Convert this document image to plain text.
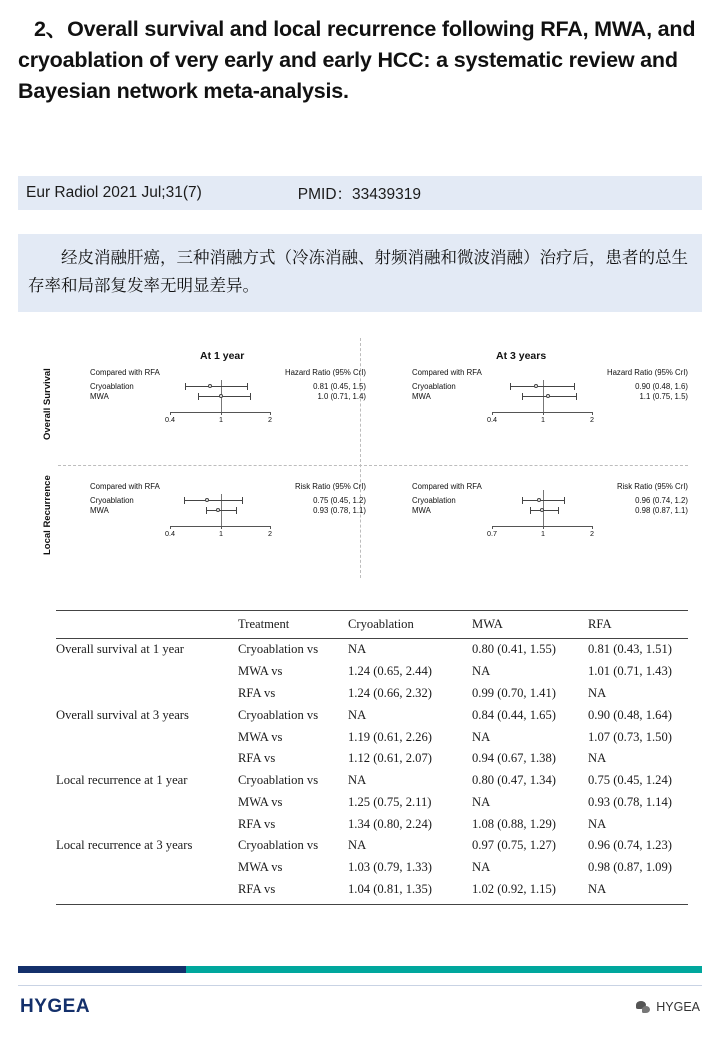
2、Overall survival and local recurrence following RFA, MWA, and cryoablation of very early and early HCC: a systematic review and Bayesian network meta-analysis.
Eur Radiol 2021 Jul;31(7)	PMID：33439319
经皮消融肝癌，三种消融方式（冷冻消融、射频消融和微波消融）治疗后，患者的总生存率和局部复发率无明显差异。
At 1 year	At 3 years
Overall Survival
Local Recurrence
Compared with RFA	Hazard Ratio (95% CrI)
Cryoablation
MWA
0.81 (0.45, 1.5)
1.0 (0.71, 1.4)
0.4	1	2
Compared with RFA	Hazard Ratio (95% CrI)
Cryoablation
MWA
0.90 (0.48, 1.6)
1.1 (0.75, 1.5)
0.4	1	2
Compared with RFA	Risk Ratio (95% CrI)
Cryoablation
MWA
0.75 (0.45, 1.2)
0.93 (0.78, 1.1)
0.4	1	2
Compared with RFA	Risk Ratio (95% CrI)
Cryoablation
MWA
0.96 (0.74, 1.2)
0.98 (0.87, 1.1)
0.7	1	2
	Treatment	Cryoablation	MWA	RFA
Overall survival at 1 year	Cryoablation vs	NA	0.80 (0.41, 1.55)	0.81 (0.43, 1.51)
	MWA vs	1.24 (0.65, 2.44)	NA	1.01 (0.71, 1.43)
	RFA vs	1.24 (0.66, 2.32)	0.99 (0.70, 1.41)	NA
Overall survival at 3 years	Cryoablation vs	NA	0.84 (0.44, 1.65)	0.90 (0.48, 1.64)
	MWA vs	1.19 (0.61, 2.26)	NA	1.07 (0.73, 1.50)
	RFA vs	1.12 (0.61, 2.07)	0.94 (0.67, 1.38)	NA
Local recurrence at 1 year	Cryoablation vs	NA	0.80 (0.47, 1.34)	0.75 (0.45, 1.24)
	MWA vs	1.25 (0.75, 2.11)	NA	0.93 (0.78, 1.14)
	RFA vs	1.34 (0.80, 2.24)	1.08 (0.88, 1.29)	NA
Local recurrence at 3 years	Cryoablation vs	NA	0.97 (0.75, 1.27)	0.96 (0.74, 1.23)
	MWA vs	1.03 (0.79, 1.33)	NA	0.98 (0.87, 1.09)
	RFA vs	1.04 (0.81, 1.35)	1.02 (0.92, 1.15)	NA
HYGEA	HYGEA
